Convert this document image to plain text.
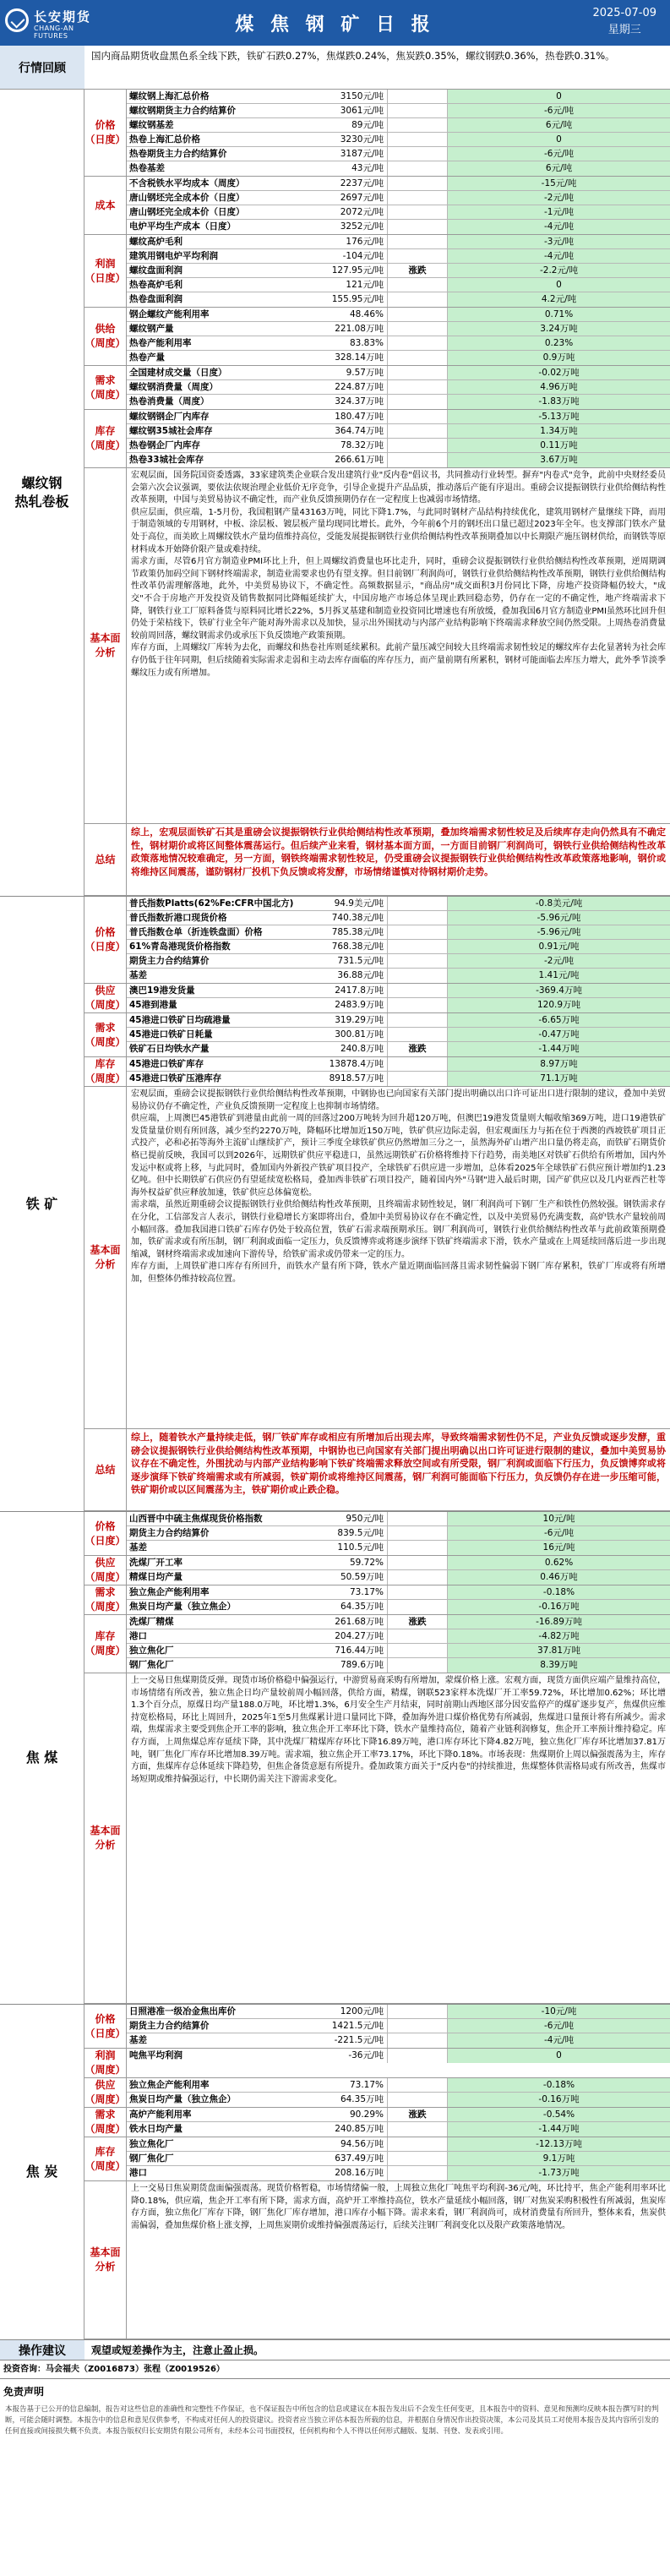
长安期货
CHANG-AN FUTURES
煤 焦 钢 矿 日 报
2025-07-09
星期三
行情回顾
国内商品期货收盘黑色系全线下跌，铁矿石跌0.27%，焦煤跌0.24%，焦炭跌0.35%，螺纹钢跌0.36%，热卷跌0.31%。
螺纹钢
热轧卷板
价格
（日度）
螺纹钢上海汇总价格	3150元/吨	0
螺纹钢期货主力合约结算价	3061元/吨	-6元/吨
螺纹钢基差	89元/吨	6元/吨
热卷上海汇总价格	3230元/吨	0
热卷期货主力合约结算价	3187元/吨	-6元/吨
热卷基差	43元/吨	6元/吨
成本
不含税铁水平均成本（周度）	2237元/吨	-15元/吨
唐山钢坯完全成本价（日度）	2697元/吨	-2元/吨
唐山钢坯完全成本价（日度）	2072元/吨	-1元/吨
电炉平均生产成本（日度）	3252元/吨	-4元/吨
利润
（日度）
螺纹高炉毛利	176元/吨	-3元/吨
建筑用钢电炉平均利润	-104元/吨	-4元/吨
螺纹盘面利润	127.95元/吨	涨跌	-2.2元/吨
热卷高炉毛利	121元/吨	0
热卷盘面利润	155.95元/吨	4.2元/吨
供给
（周度）
钢企螺纹产能利用率	48.46%	0.71%
螺纹钢产量	221.08万吨	3.24万吨
热卷产能利用率	83.83%	0.23%
热卷产量	328.14万吨	0.9万吨
需求
（周度）
全国建材成交量（日度）	9.57万吨	-0.02万吨
螺纹钢消费量（周度）	224.87万吨	4.96万吨
热卷消费量（周度）	324.37万吨	-1.83万吨
库存
（周度）
螺纹钢钢企厂内库存	180.47万吨	-5.13万吨
螺纹钢35城社会库存	364.74万吨	1.34万吨
热卷钢企厂内库存	78.32万吨	0.11万吨
热卷33城社会库存	266.61万吨	3.67万吨
基本面
分析

宏观层面，国务院国资委透露，33家建筑类企业联合发出建筑行业"反内卷"倡议书，共同推动行业转型。摒弃"内卷式"竞争，此前中央财经委员会第六次会议强调，要依法依规治理企业低价无序竞争，引导企业提升产品品质，推动落后产能有序退出。重磅会议提振钢铁行业供给侧结构性改革预期，中国与美贸易协议不确定性，而产业负反馈预期仍存在一定程度上也减弱市场情绪。

供应层面，供应端，1-5月份，我国粗钢产量43163万吨，同比下降1.7%，与此同时钢材产品结构持续优化，建筑用钢材产量继续下降，而用于制造领域的专用钢材，中板、涂层板、镀层板产量均现同比增长。此外，今年前6个月的钢坯出口量已超过2023年全年。也支撑部门铁水产量处于高位，而美欧上周螺纹铁水产量均值维持高位，受能发展提振钢铁行业供给侧结构性改革预期叠加以中长期限产施压钢材供给，而钢铁等原材料成本开始降价限产量或难持续。

需求方面，尽管6月官方制造业PMI环比上升，但上周螺纹消费量也环比走升，同时，重磅会议提振钢铁行业供给侧结构性改革预期，逆周期调节政策仍加码空间下钢材终端需求，制造业需要求也仍有望支撑。但目前钢厂利润尚可，钢铁行业供给侧结构性改革预期，钢铁行业供给侧结构性改革仍需理解落地，此外，中美贸易协议下，不确定性。高频数据显示，"商品房"成交面积3月份同比下降，房地产投资降幅仍较大，"成交"不合于房地产开发投资及销售数据同比降幅延续扩大，中国房地产市场总体呈现止跌回稳态势，仍存在一定的不确定性，地产终端需求下降，钢铁行业工厂原料备货与原料同比增长22%，5月拆叉基建和制造业投资同比增速也有所放缓，叠加我国6月官方制造业PMI虽然环比回升但仍处于荣枯线下，铁矿行业全年产能对海外需求以及加快，显示出外围扰动与内部产业结构影响下终端需求释放空间仍然受限。上周热卷消费量较前周回落，螺纹钢需求仍或承压下负反馈地产政策预期。

库存方面，上周螺纹厂库转为去化，而螺纹和热卷社库则延续累积。此前产量压减空间较大且终端需求韧性较足的螺纹库存去化显著转为社会库存仍低于往年同期，但后续随着实际需求走弱和主动去库存面临的库存压力，而产量前期有所累积，钢材可能面临去库压力增大，此外季节淡季螺纹压力或有所增加。

总结
综上，宏观层面铁矿石其是重磅会议提振钢铁行业供给侧结构性改革预期，叠加终端需求韧性较足及后续库存走向仍然具有不确定性，钢材期价或将区间整体震荡运行。但后续产业来看，钢材基本面方面，一方面目前钢厂利润尚可，钢铁行业供给侧结构性改革政策落地情况较难确定，另一方面，钢铁终端需求韧性较足，仍受重磅会议提振钢铁行业供给侧结构性改革政策落地影响，钢价或将维持区间震荡，谨防钢材厂投机下负反馈或将发酵，市场情绪谨慎对待钢材期价走势。
铁 矿
价格
（日度）
普氏指数Platts(62%Fe:CFR中国北方)	94.9美元/吨	-0.8美元/吨
普氏指数折港口现货价格	740.38元/吨	-5.96元/吨
普氏指数仓单（折连铁盘面）价格	785.38元/吨	-5.96元/吨
61%青岛港现货价格指数	768.38元/吨	0.91元/吨
期货主力合约结算价	731.5元/吨	-2元/吨
基差	36.88元/吨	1.41元/吨
供应
（周度）
澳巴19港发货量	2417.8万吨	-369.4万吨
45港到港量	2483.9万吨	120.9万吨
需求
（周度）
45港进口铁矿日均疏港量	319.29万吨	-6.65万吨
45港进口铁矿日耗量	300.81万吨	-0.47万吨
铁矿石日均铁水产量	240.8万吨	涨跌	-1.44万吨
库存
（周度）
45港进口铁矿库存	13878.4万吨	8.97万吨
45港进口铁矿压港库存	8918.57万吨	71.1万吨
基本面
分析

宏观层面，重磅会议提振钢铁行业供给侧结构性改革预期，中钢协也已向国家有关部门提出明确以出口许可证出口进行限制的建议，叠加中美贸易协议仍存不确定性，产业负反馈预期一定程度上也抑制市场情绪。

供应端，上周澳巴45港铁矿到港量由此前一周的回落过200万吨转为回升超120万吨，但澳巴19港发货量则大幅收缩369万吨，进口19港铁矿发货量量价则有所回落，减少至约2270万吨，降幅环比增加近150万吨，铁矿供应边际走弱，但宏观面压力与拓在位于西澳的西坡铁矿项目正式投产，必和必拓等海外主流矿山继续扩产，预计三季度全球铁矿供应仍然增加三分之一，虽然海外矿山增产出口量仍将走高，而铁矿石期货价格已提前反映，我国可以到2026年，远期铁矿供应平稳进口，虽然远期铁矿石价格将维持下行趋势，南美地区对铁矿石供给有所增加，国内外发运中枢或将上移，与此同时，叠加国内外新投产铁矿项目投产，全球铁矿石供应进一步增加，总体看2025年全球铁矿石供应预计增加约1.23亿吨。但中长期铁矿石供应仍有望延续宽松格局，叠加西非铁矿石项目投产，随着国内外"马钢"进入最后时期，国产矿供应以及几内亚西芒杜等海外权益矿供应释放加速，铁矿供应总体偏宽松。

需求端，虽然近期重磅会议提振钢铁行业供给侧结构性改革预期，且终端需求韧性较足，钢厂利润尚可下钢厂生产和铁性仍然较强。钢铁需求存在分化，工信部发言人表示，钢铁行业稳增长方案即将出台，叠加中美贸易协议存在不确定性，以及中美贸易仍充满变数，高炉铁水产量较前周小幅回落。叠加我国港口铁矿石库存仍处于较高位置，铁矿石需求端预期承压。钢厂利润尚可，钢铁行业供给侧结构性改革与此前政策预期叠加，铁矿需求或有所压制，钢厂利润或面临一定压力，负反馈博弈或将逐步演绎下铁矿终端需求下滑，铁水产量或在上周延续回落后进一步出现缩减，钢材终端需求或加速向下游传导，给铁矿需求或仍带来一定的压力。

库存方面，上周铁矿港口库存有所回升，而铁水产量有所下降，铁水产量近期面临回落且需求韧性偏弱下钢厂库存累积，铁矿厂库或将有所增加，但整体仍维持较高位置。

总结
综上，随着铁水产量持续走低，钢厂铁矿库存或相应有所增加后出现去库，导致终端需求韧性仍不足，产业负反馈或逐步发酵，重磅会议提振钢铁行业供给侧结构性改革预期，中钢协也已向国家有关部门提出明确以出口许可证进行限制的建议，叠加中美贸易协议存在不确定性，外围扰动与内部产业结构影响下铁矿终端需求释放空间或有所受限，钢厂利润或面临下行压力，负反馈博弈或将逐步演绎下铁矿终端需求或有所减弱，铁矿期价或将维持区间震荡，钢厂利润可能面临下行压力，负反馈仍存在进一步压缩可能，铁矿期价或以区间震荡为主，铁矿期价或止跌企稳。
焦 煤
价格
（日度）
山西晋中中硫主焦煤现货价格指数	950元/吨	10元/吨
期货主力合约结算价	839.5元/吨	-6元/吨
基差	110.5元/吨	16元/吨
供应
（周度）
洗煤厂开工率	59.72%	0.62%
精煤日均产量	50.59万吨	0.46万吨
需求
（周度）
独立焦企产能利用率	73.17%	-0.18%
焦炭日均产量（独立焦企）	64.35万吨	-0.16万吨
库存
（周度）
洗煤厂精煤	261.68万吨	涨跌	-16.89万吨
港口	204.27万吨	-4.82万吨
独立焦化厂	716.44万吨	37.81万吨
钢厂焦化厂	789.6万吨	8.39万吨
基本面
分析

上一交易日焦煤期货反弹。现货市场价格稳中偏强运行，中游贸易商采购有所增加，蒙煤价格上涨。宏观方面，现货方面供应端产量维持高位，市场情绪有所改善，独立焦企日均产量较前周小幅回落，供给方面，精煤，钢联523家样本洗煤厂开工率59.72%，环比增加0.62%；环比增1.3个百分点，原煤日均产量188.0万吨，环比增1.3%，6月安全生产月结束，同时前期山西地区部分因安监停产的煤矿逐步复产，焦煤供应维持宽松格局，环比上周回升，2025年1至5月焦煤累计进口量同比下降，叠加海外进口煤价格优势有所减弱，焦煤进口量预计将有所减少。需求端，焦煤需求主要受到焦企开工率的影响，独立焦企开工率环比下降，铁水产量维持高位，随着产业链利润修复，焦企开工率预计维持稳定。库存方面，上周焦煤总库存延续下降，其中洗煤厂精煤库存环比下降16.89万吨，港口库存环比下降4.82万吨，独立焦化厂库存环比增加37.81万吨，钢厂焦化厂库存环比增加8.39万吨。需求端，独立焦企开工率73.17%，环比下降0.18%。市场表现：焦煤期价上周以偏强震荡为主，库存方面，焦煤库存总体延续下降趋势，但焦企备货意愿有所提升。叠加政策方面关于"反内卷"的持续推进，焦煤整体供需格局或有所改善，焦煤市场短期或维持偏强运行，中长期仍需关注下游需求变化。

焦 炭
价格
（日度）
日照港准一级冶金焦出库价	1200元/吨	-10元/吨
期货主力合约结算价	1421.5元/吨	-6元/吨
基差	-221.5元/吨	-4元/吨
利润
（周度）
吨焦平均利润	-36元/吨	0
供应
（周度）
独立焦企产能利用率	73.17%	-0.18%
焦炭日均产量（独立焦企）	64.35万吨	-0.16万吨
需求
（周度）
高炉产能利用率	90.29%	涨跌	-0.54%
铁水日均产量	240.85万吨	-1.44万吨
库存
（周度）
独立焦化厂	94.56万吨	-12.13万吨
钢厂焦化厂	637.49万吨	9.1万吨
港口	208.16万吨	-1.73万吨
基本面
分析

上一交易日焦炭期货盘面偏强震荡。现货价格暂稳，市场情绪偏一般，上周独立焦化厂吨焦平均利润-36元/吨，环比持平，焦企产能利用率环比降0.18%，供应端，焦企开工率有所下降，需求方面，高炉开工率维持高位，铁水产量延续小幅回落，钢厂对焦炭采购积极性有所减弱，焦炭库存方面，独立焦化厂库存下降，钢厂焦化厂库存增加，港口库存小幅下降。需求来看，钢厂利润尚可，成材消费量有所回升，整体来看，焦炭供需偏弱，叠加焦煤价格上涨支撑，上周焦炭期价或维持偏强震荡运行，后续关注钢厂利润变化以及限产政策落地情况。

操作建议	观望或短差操作为主，注意止盈止损。
投资咨询：马会福夫（Z0016873）张程（Z0019526）
免责声明
本报告基于已公开的信息编制，报告对这些信息的准确性和完整性不作保证，也不保证报告中所包含的信息或建议在本报告发出后不会发生任何变更，且本报告中的资料、意见和预测均反映本报告撰写时的判断，可能会随时调整。本报告中的信息和意见仅供参考，不构成对任何人的投资建议。投资者应当独立评估本报告所载的信息，并根据自身情况作出投资决策，本公司及其员工对使用本报告及其内容所引发的任何直接或间接损失概不负责。本报告版权归长安期货有限公司所有，未经本公司书面授权，任何机构和个人不得以任何形式翻版、复制、刊登、发表或引用。
